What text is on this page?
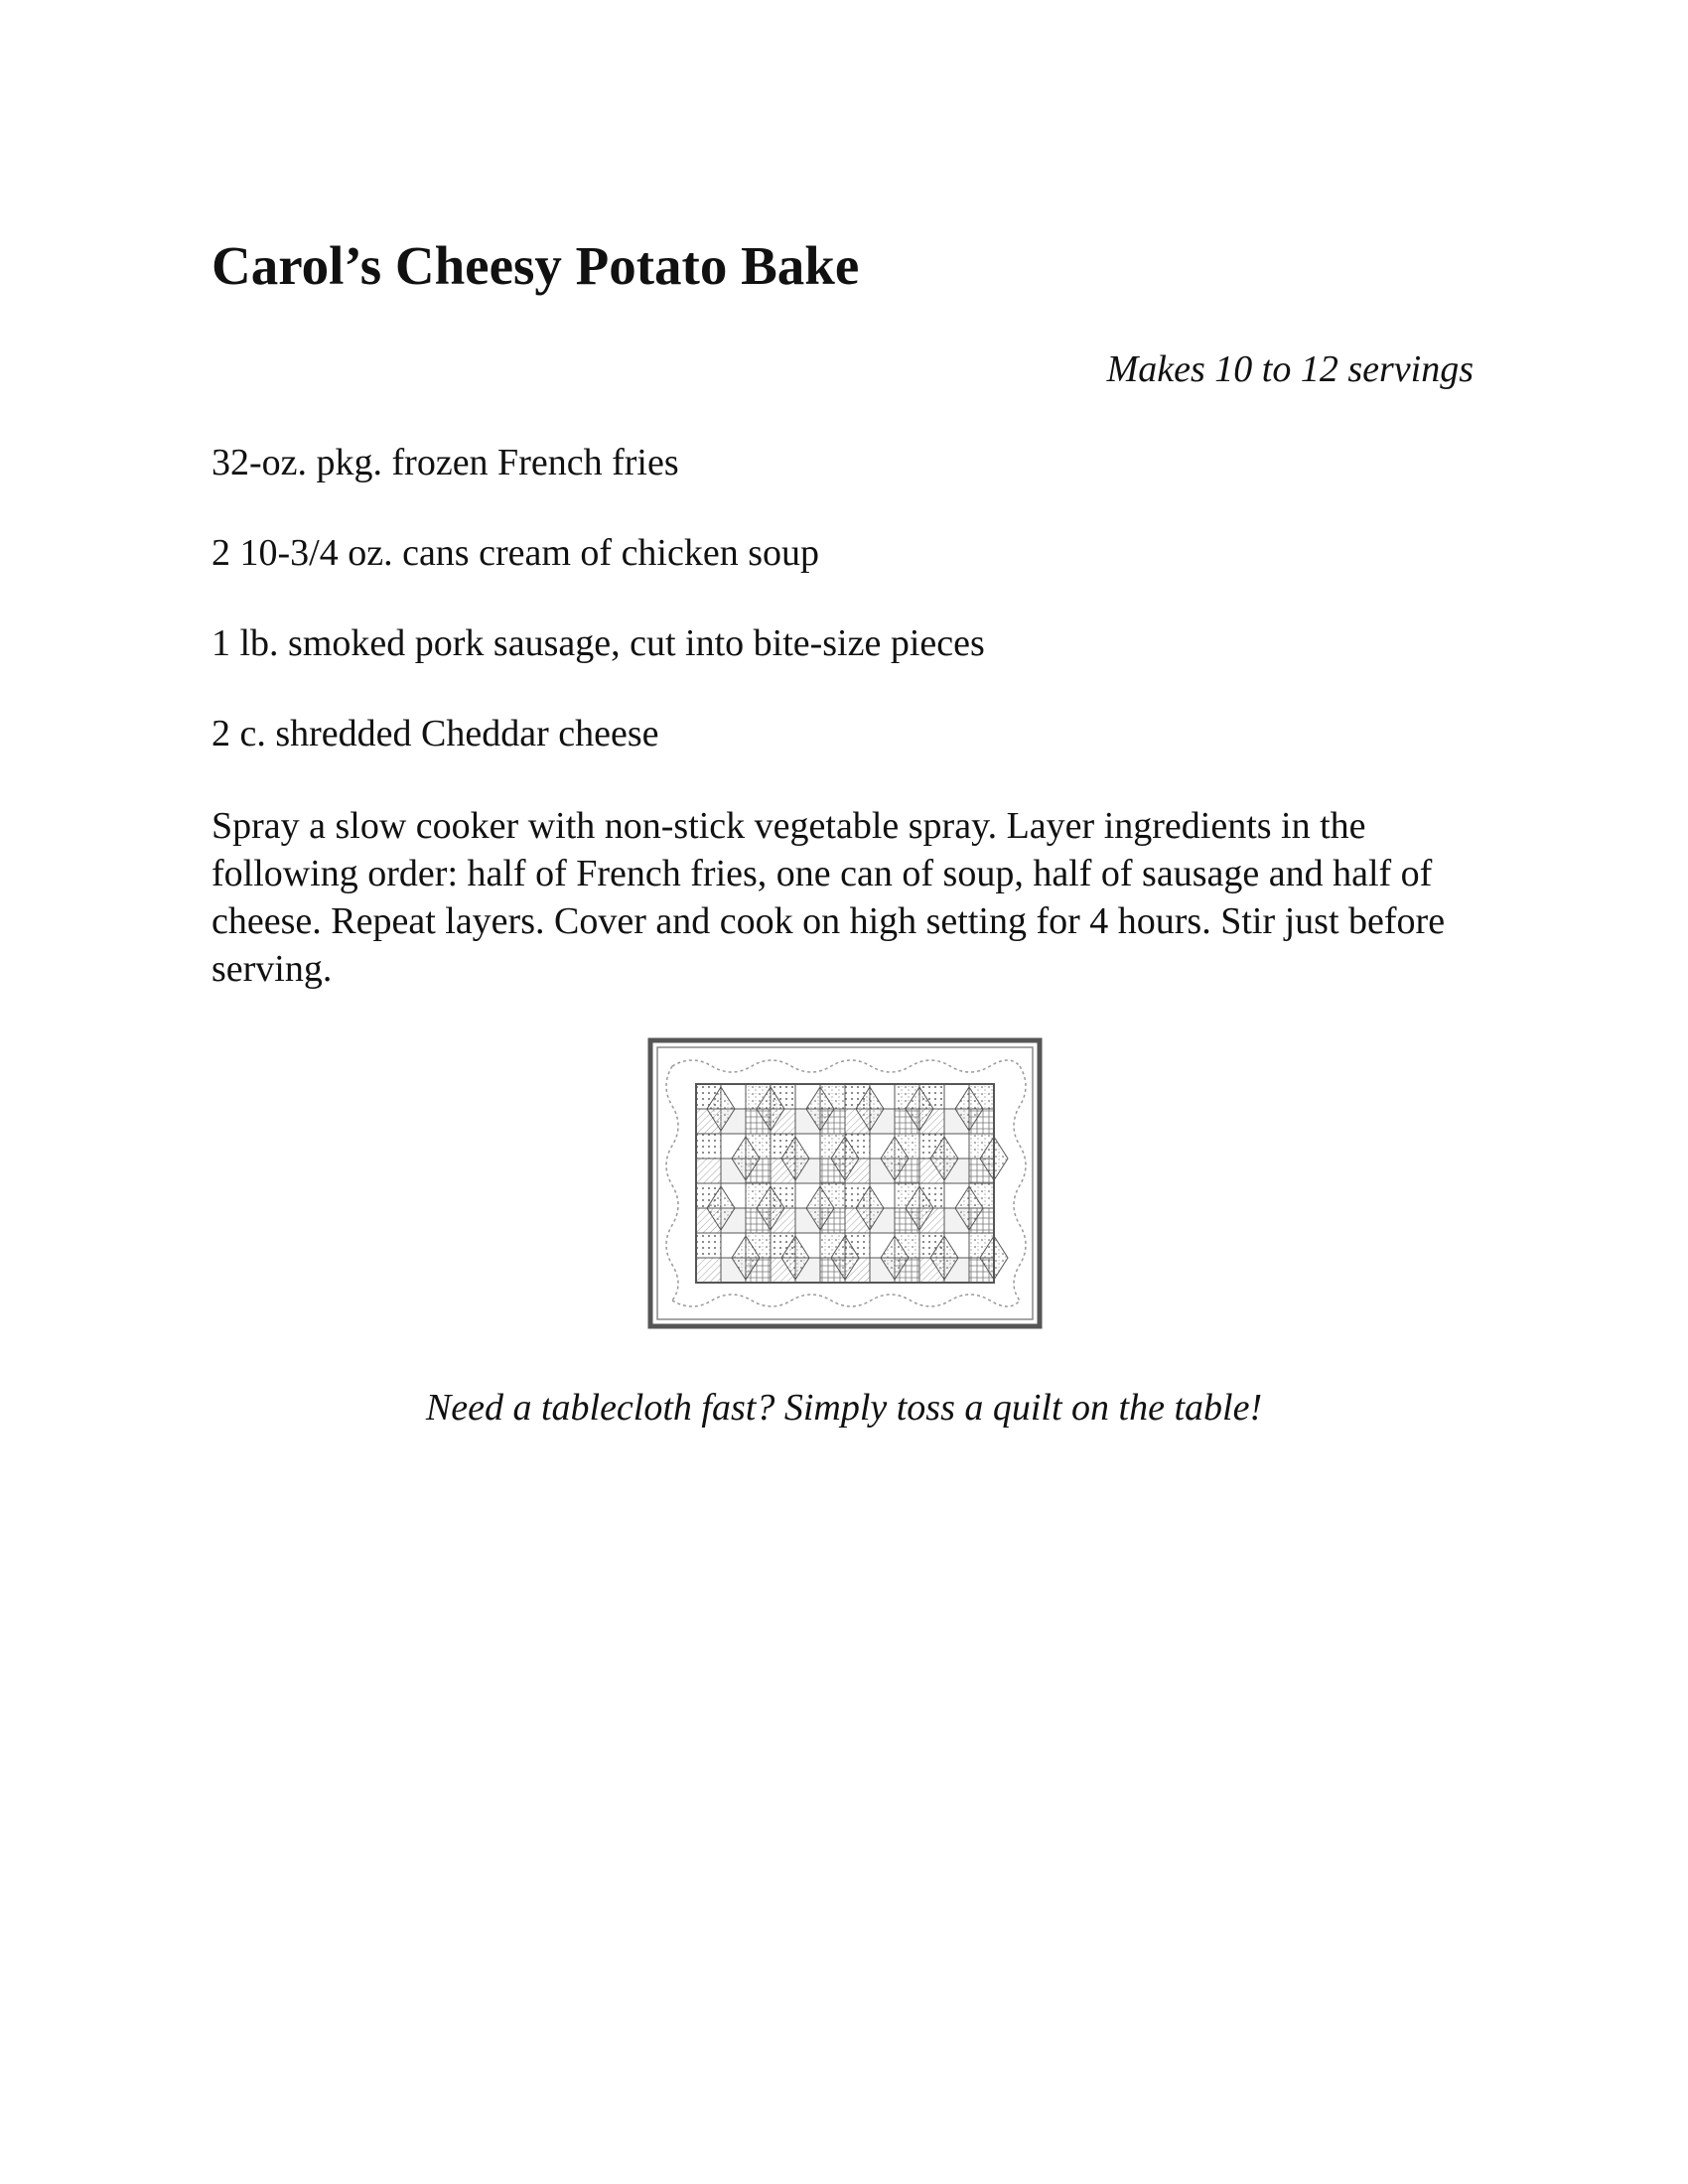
Carol’s Cheesy Potato Bake

Makes 10 to 12 servings

32-oz. pkg. frozen French fries
2 10-3/4 oz. cans cream of chicken soup
1 lb. smoked pork sausage, cut into bite-size pieces
2 c. shredded Cheddar cheese

Spray a slow cooker with non-stick vegetable spray. Layer ingredients in the following order: half of French fries, one can of soup, half of sausage and half of cheese. Repeat layers. Cover and cook on high setting for 4 hours. Stir just before serving.

Need a tablecloth fast? Simply toss a quilt on the table!
